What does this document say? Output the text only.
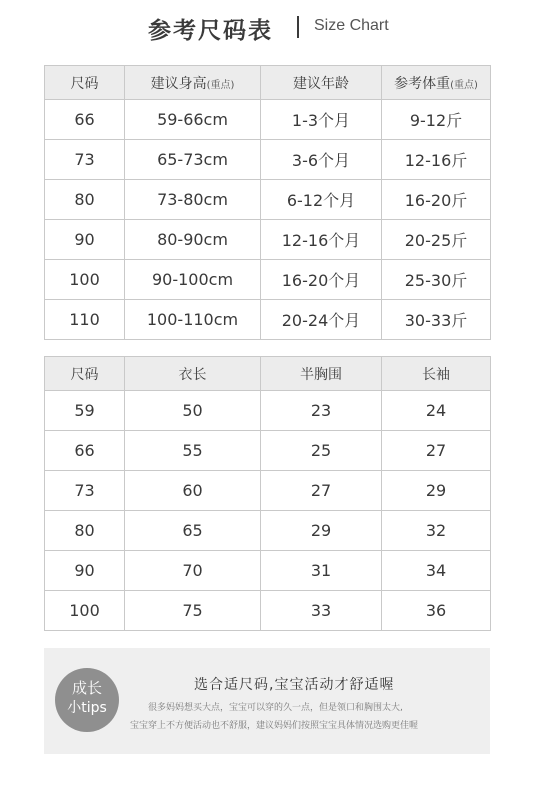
参考尺码表	Size Chart
尺码	建议身高(重点)	建议年龄	参考体重(重点)
66	59-66cm	1-3个月	9-12斤
73	65-73cm	3-6个月	12-16斤
80	73-80cm	6-12个月	16-20斤
90	80-90cm	12-16个月	20-25斤
100	90-100cm	16-20个月	25-30斤
110	100-110cm	20-24个月	30-33斤
尺码	衣长	半胸围	长袖
59	50	23	24
66	55	25	27
73	60	27	29
80	65	29	32
90	70	31	34
100	75	33	36
成长
小tips
选合适尺码,宝宝活动才舒适喔
很多妈妈想买大点，宝宝可以穿的久一点，但是领口和胸围太大,
宝宝穿上不方便活动也不舒服，建议妈妈们按照宝宝具体情况选购更佳喔
